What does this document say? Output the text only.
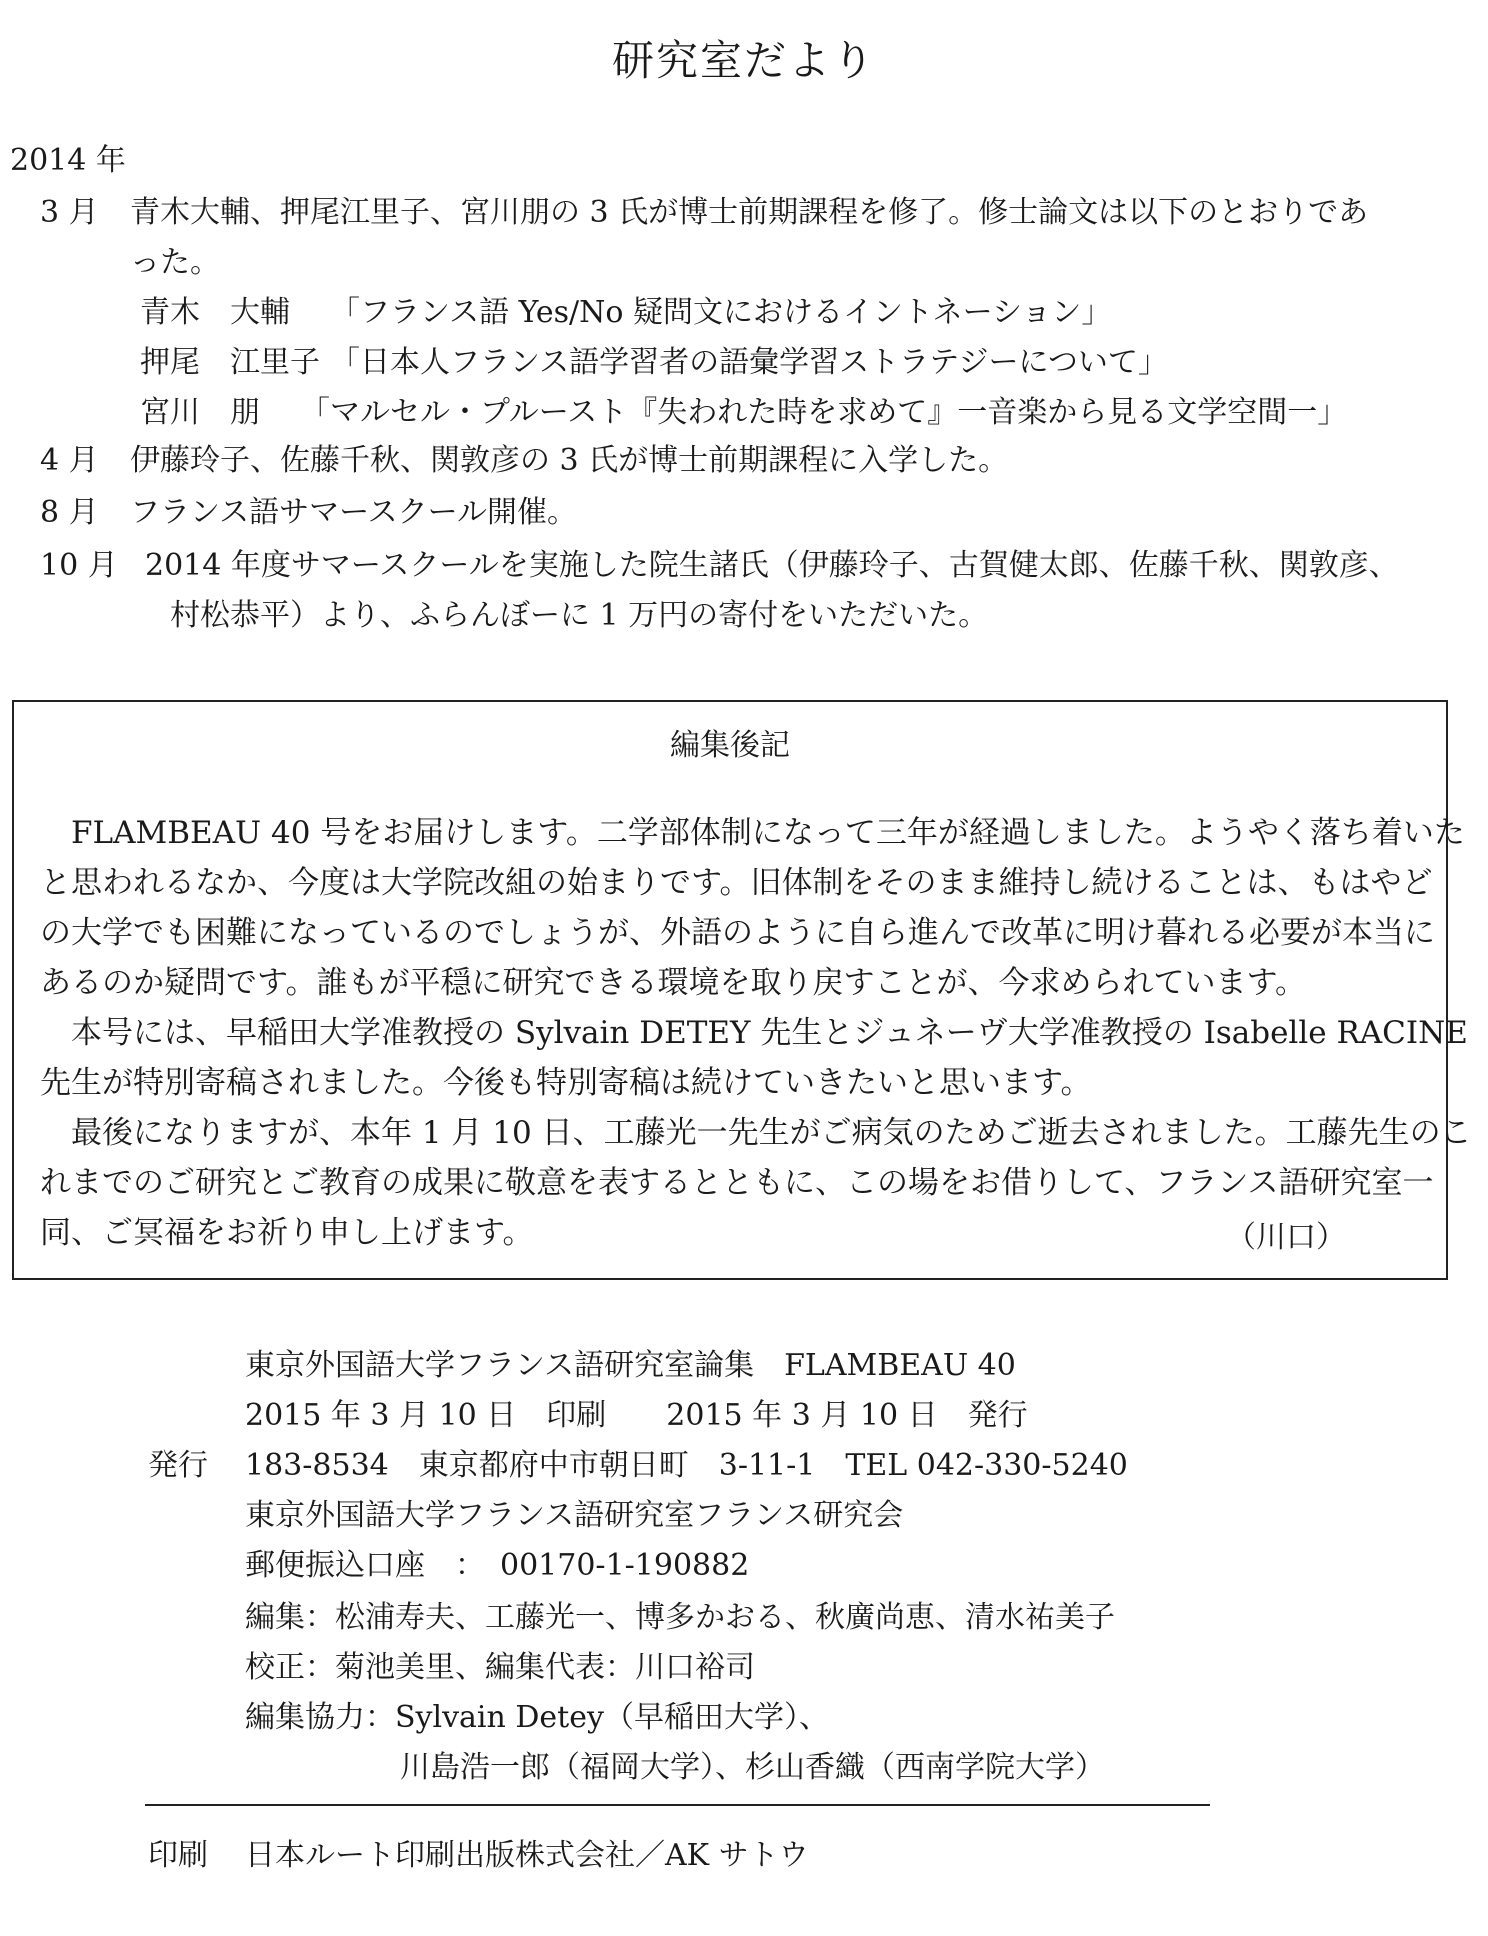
研究室だより
2014 年
3 月 青木大輔、押尾江里子、宮川朋の 3 氏が博士前期課程を修了。修士論文は以下のとおりであ
った。
青木　大輔 「フランス語 Yes/No 疑問文におけるイントネーション」
押尾　江里子 「日本人フランス語学習者の語彙学習ストラテジーについて」
宮川　朋 「マルセル・プルースト『失われた時を求めて』一音楽から見る文学空間一」
4 月 伊藤玲子、佐藤千秋、関敦彦の 3 氏が博士前期課程に入学した。
8 月 フランス語サマースクール開催。
10 月 2014 年度サマースクールを実施した院生諸氏（伊藤玲子、古賀健太郎、佐藤千秋、関敦彦、
村松恭平）より、ふらんぼーに 1 万円の寄付をいただいた。
編集後記
　FLAMBEAU 40 号をお届けします。二学部体制になって三年が経過しました。ようやく落ち着いた
と思われるなか、今度は大学院改組の始まりです。旧体制をそのまま維持し続けることは、もはやど
の大学でも困難になっているのでしょうが、外語のように自ら進んで改革に明け暮れる必要が本当に
あるのか疑問です。誰もが平穏に研究できる環境を取り戻すことが、今求められています。
　本号には、早稲田大学准教授の Sylvain DETEY 先生とジュネーヴ大学准教授の Isabelle RACINE
先生が特別寄稿されました。今後も特別寄稿は続けていきたいと思います。
　最後になりますが、本年 1 月 10 日、工藤光一先生がご病気のためご逝去されました。工藤先生のこ
れまでのご研究とご教育の成果に敬意を表するとともに、この場をお借りして、フランス語研究室一
同、ご冥福をお祈り申し上げます。	（川口）
東京外国語大学フランス語研究室論集　FLAMBEAU 40
2015 年 3 月 10 日　印刷　　2015 年 3 月 10 日　発行
発行 183-8534　東京都府中市朝日町　3-11-1　TEL 042-330-5240
東京外国語大学フランス語研究室フランス研究会
郵便振込口座　：　00170-1-190882
編集：松浦寿夫、工藤光一、博多かおる、秋廣尚恵、清水祐美子
校正：菊池美里、編集代表：川口裕司
編集協力：Sylvain Detey（早稲田大学）、
川島浩一郎（福岡大学）、杉山香織（西南学院大学）
印刷 日本ルート印刷出版株式会社／AK サトウ
